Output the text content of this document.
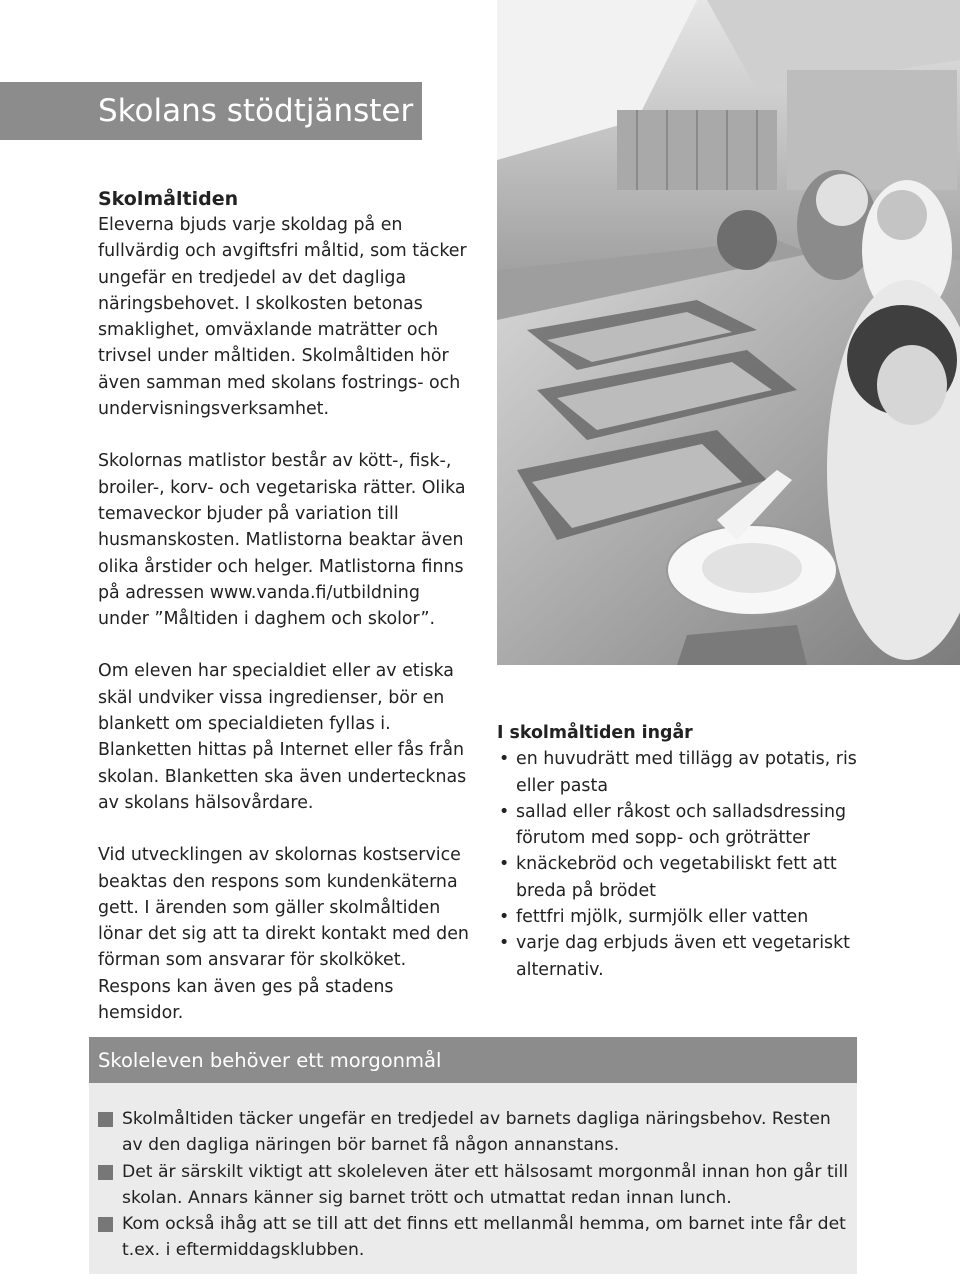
Skolans stödtjänster
Skolmåltiden

Eleverna bjuds varje skoldag på en fullvärdig och avgiftsfri måltid, som täcker ungefär en tredjedel av det dagliga näringsbehovet. I skolkosten betonas smaklighet, omväxlande maträtter och trivsel under måltiden. Skolmåltiden hör även samman med skolans fostrings- och undervisningsverksamhet.

Skolornas matlistor består av kött-, fisk-, broiler-, korv- och vegetariska rätter. Olika temaveckor bjuder på variation till husmanskosten. Matlistorna beaktar även olika årstider och helger. Matlistorna finns på adressen www.vanda.fi/utbildning under ”Måltiden i daghem och skolor”.

Om eleven har specialdiet eller av etiska skäl undviker vissa ingredienser, bör en blankett om specialdieten fyllas i. Blanketten hittas på Internet eller fås från skolan. Blanketten ska även undertecknas av skolans hälsovårdare.

Vid utvecklingen av skolornas kostservice beaktas den respons som kundenkäterna gett. I ärenden som gäller skolmåltiden lönar det sig att ta direkt kontakt med den förman som ansvarar för skolköket. Respons kan även ges på stadens hemsidor.

I skolmåltiden ingår
• en huvudrätt med tillägg av potatis, ris eller pasta
• sallad eller råkost och salladsdressing förutom med sopp- och gröträtter
• knäckebröd och vegetabiliskt fett att breda på brödet
• fettfri mjölk, surmjölk eller vatten
• varje dag erbjuds även ett vegetariskt alternativ.
Skoleleven behöver ett morgonmål
Skolmåltiden täcker ungefär en tredjedel av barnets dagliga näringsbehov. Resten av den dagliga näringen bör barnet få någon annanstans.
Det är särskilt viktigt att skoleleven äter ett hälsosamt morgonmål innan hon går till skolan. Annars känner sig barnet trött och utmattat redan innan lunch.
Kom också ihåg att se till att det finns ett mellanmål hemma, om barnet inte får det t.ex. i eftermiddagsklubben.
